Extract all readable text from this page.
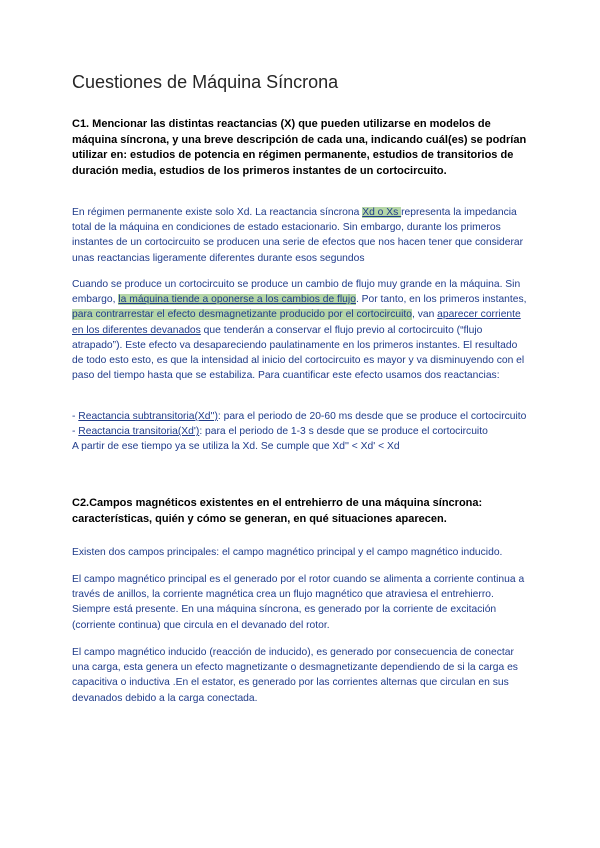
Cuestiones de Máquina Síncrona

C1. Mencionar las distintas reactancias (X) que pueden utilizarse en modelos de máquina síncrona, y una breve descripción de cada una, indicando cuál(es) se podrían utilizar en: estudios de potencia en régimen permanente, estudios de transitorios de duración media, estudios de los primeros instantes de un cortocircuito.

En régimen permanente existe solo Xd. La reactancia síncrona Xd o Xs representa la impedancia total de la máquina en condiciones de estado estacionario. Sin embargo, durante los primeros instantes de un cortocircuito se producen una serie de efectos que nos hacen tener que considerar unas reactancias ligeramente diferentes durante esos segundos

Cuando se produce un cortocircuito se produce un cambio de flujo muy grande en la máquina. Sin embargo, la máquina tiende a oponerse a los cambios de flujo. Por tanto, en los primeros instantes, para contrarrestar el efecto desmagnetizante producido por el cortocircuito, van aparecer corriente en los diferentes devanados que tenderán a conservar el flujo previo al cortocircuito (“flujo atrapado”). Este efecto va desapareciendo paulatinamente en los primeros instantes. El resultado de todo esto esto, es que la intensidad al inicio del cortocircuito es mayor y va disminuyendo con el paso del tiempo hasta que se estabiliza. Para cuantificar este efecto usamos dos reactancias:

- Reactancia subtransitoria(Xd''): para el periodo de 20-60 ms desde que se produce el cortocircuito
- Reactancia transitoria(Xd'): para el periodo de 1-3 s desde que se produce el cortocircuito
A partir de ese tiempo ya se utiliza la Xd. Se cumple que Xd'' < Xd' < Xd

C2.Campos magnéticos existentes en el entrehierro de una máquina síncrona: características, quién y cómo se generan, en qué situaciones aparecen.

Existen dos campos principales: el campo magnético principal y el campo magnético inducido.

El campo magnético principal es el generado por el rotor cuando se alimenta a corriente continua a través de anillos, la corriente magnética crea un flujo magnético que atraviesa el entrehierro. Siempre está presente. En una máquina síncrona, es generado por la corriente de excitación (corriente continua) que circula en el devanado del rotor.

El campo magnético inducido (reacción de inducido), es generado por consecuencia de conectar una carga, esta genera un efecto magnetizante o desmagnetizante dependiendo de si la carga es capacitiva o inductiva .En el estator, es generado por las corrientes alternas que circulan en sus devanados debido a la carga conectada.
